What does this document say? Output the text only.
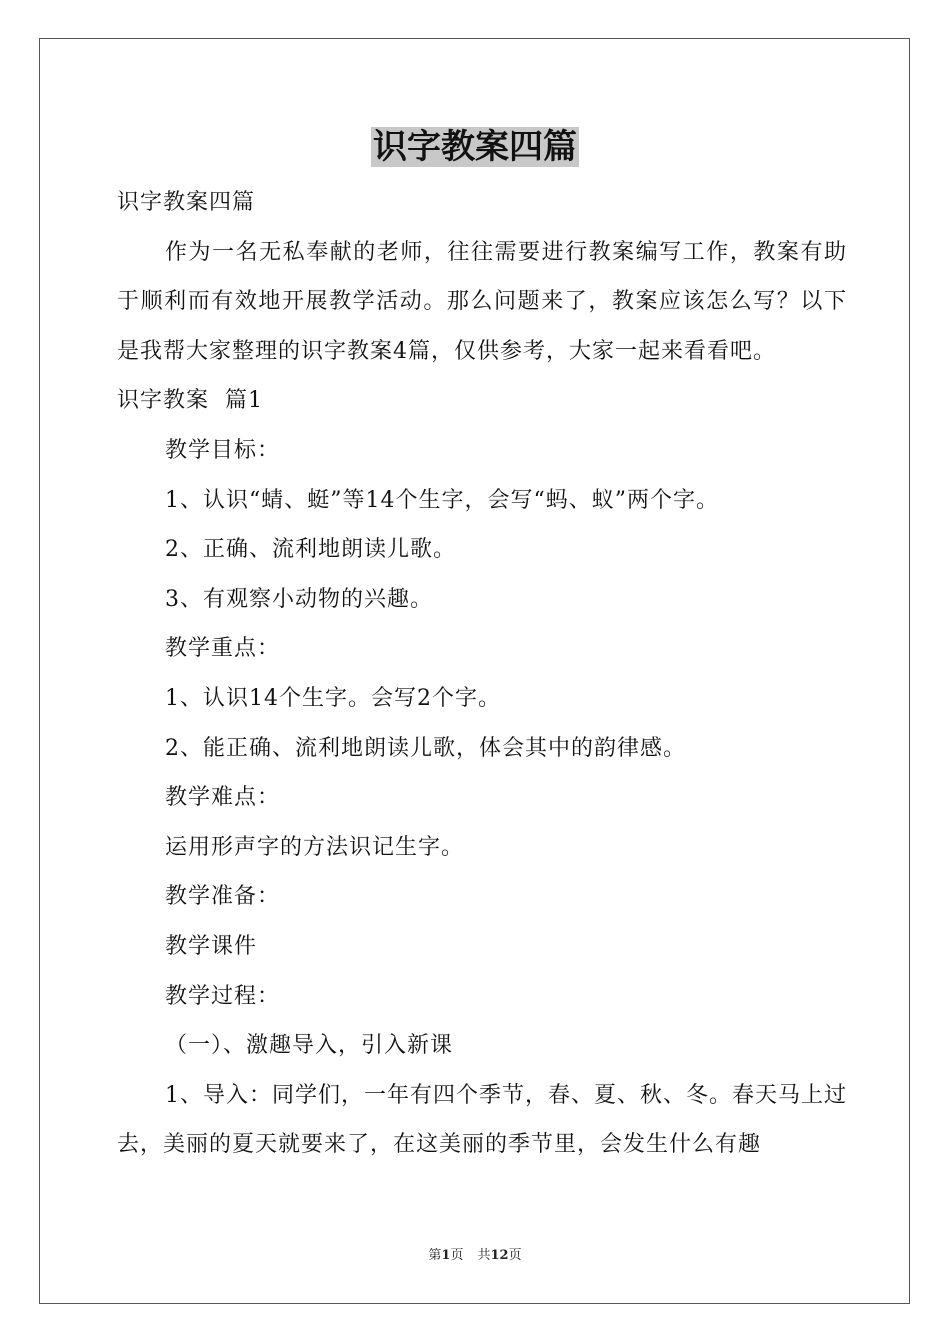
识字教案四篇

识字教案四篇

作为一名无私奉献的老师，往往需要进行教案编写工作，教案有助于顺利而有效地开展教学活动。那么问题来了，教案应该怎么写？以下是我帮大家整理的识字教案4篇，仅供参考，大家一起来看看吧。

识字教案  篇1

教学目标：

1、认识“蜻、蜓”等14个生字，会写“蚂、蚁”两个字。

2、正确、流利地朗读儿歌。

3、有观察小动物的兴趣。

教学重点：

1、认识14个生字。会写2个字。

2、能正确、流利地朗读儿歌，体会其中的韵律感。

教学难点：

运用形声字的方法识记生字。

教学准备：

教学课件

教学过程：

（一）、激趣导入，引入新课

1、导入：同学们，一年有四个季节，春、夏、秋、冬。春天马上过去，美丽的夏天就要来了，在这美丽的季节里，会发生什么有趣

第1页 共12页
